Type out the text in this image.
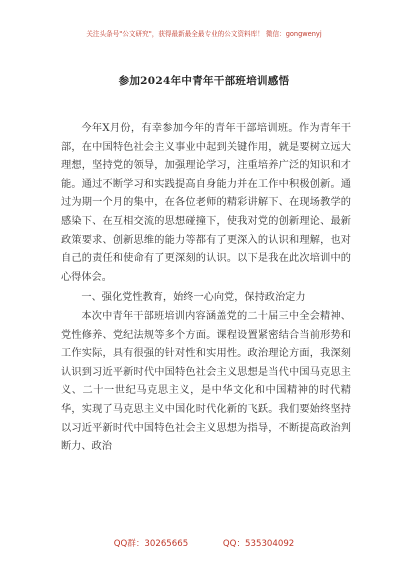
关注头条号"公文研究"，获得最新最全最专业的公文资料库！ 微信：gongwenyj
参加2024年中青年干部班培训感悟

今年X月份，有幸参加今年的青年干部培训班。作为青年干部，在中国特色社会主义事业中起到关键作用，就是要树立远大理想，坚持党的领导，加强理论学习，注重培养广泛的知识和才能。通过不断学习和实践提高自身能力并在工作中积极创新。通过为期一个月的集中，在各位老师的精彩讲解下、在现场教学的感染下、在互相交流的思想碰撞下，使我对党的创新理论、最新政策要求、创新思维的能力等都有了更深入的认识和理解，也对自己的责任和使命有了更深刻的认识。以下是我在此次培训中的心得体会。

一、强化党性教育，始终一心向党，保持政治定力

本次中青年干部班培训内容涵盖党的二十届三中全会精神、党性修养、党纪法规等多个方面。课程设置紧密结合当前形势和工作实际，具有很强的针对性和实用性。政治理论方面，我深刻认识到习近平新时代中国特色社会主义思想是当代中国马克思主义、二十一世纪马克思主义，是中华文化和中国精神的时代精华，实现了马克思主义中国化时代化新的飞跃。我们要始终坚持以习近平新时代中国特色社会主义思想为指导，不断提高政治判断力、政治

QQ群：30265665	QQ：535304092
